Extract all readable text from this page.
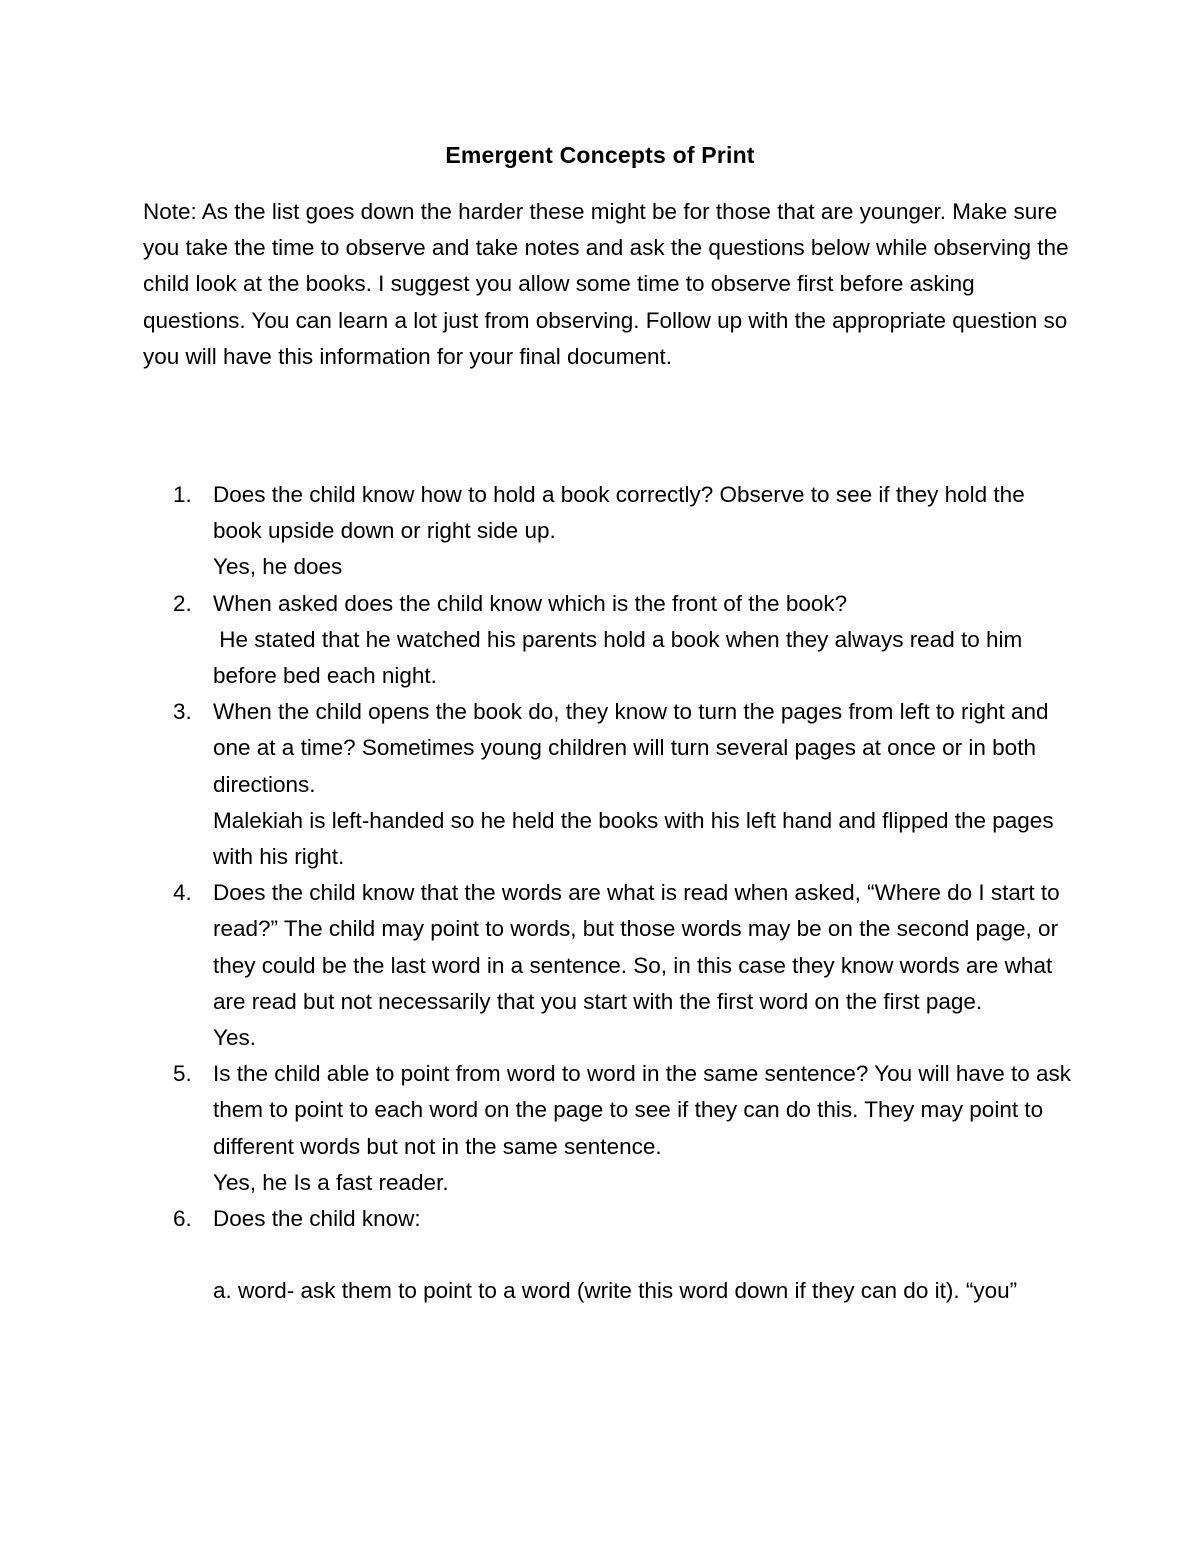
Emergent Concepts of Print

Note: As the list goes down the harder these might be for those that are younger. Make sure you take the time to observe and take notes and ask the questions below while observing the child look at the books. I suggest you allow some time to observe first before asking questions. You can learn a lot just from observing. Follow up with the appropriate question so you will have this information for your final document.

1. Does the child know how to hold a book correctly? Observe to see if they hold the book upside down or right side up.
Yes, he does
2. When asked does the child know which is the front of the book?
He stated that he watched his parents hold a book when they always read to him before bed each night.
3. When the child opens the book do, they know to turn the pages from left to right and one at a time? Sometimes young children will turn several pages at once or in both directions.
Malekiah is left-handed so he held the books with his left hand and flipped the pages with his right.
4. Does the child know that the words are what is read when asked, “Where do I start to read?” The child may point to words, but those words may be on the second page, or they could be the last word in a sentence. So, in this case they know words are what are read but not necessarily that you start with the first word on the first page.
Yes.
5. Is the child able to point from word to word in the same sentence? You will have to ask them to point to each word on the page to see if they can do this. They may point to different words but not in the same sentence.
Yes, he Is a fast reader.
6. Does the child know:
a. word- ask them to point to a word (write this word down if they can do it). “you”
